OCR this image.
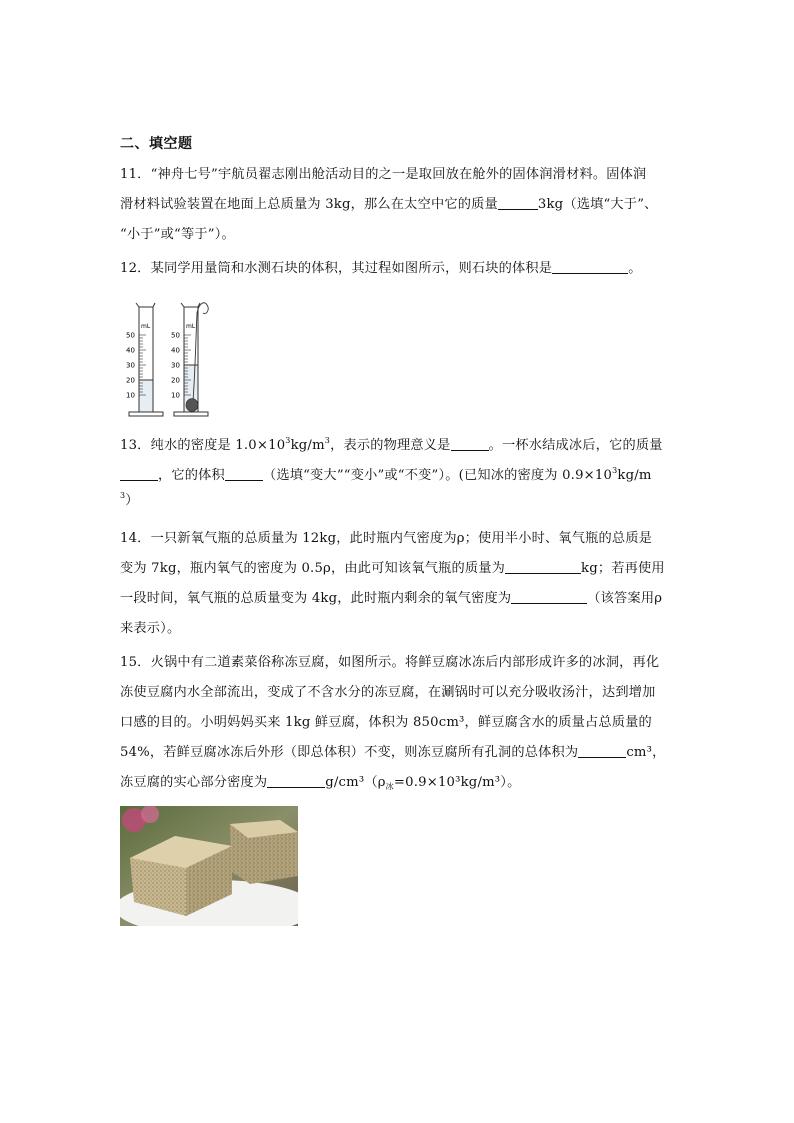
二、填空题
11．“神舟七号”宇航员翟志刚出舱活动目的之一是取回放在舱外的固体润滑材料。固体润
滑材料试验装置在地面上总质量为 3kg，那么在太空中它的质量	3kg（选填“大于”、
“小于”或“等于”）。
12．某同学用量筒和水测石块的体积，其过程如图所示，则石块的体积是	。
mL
50
40
30
20
10
mL
50
40
30
20
10
13．纯水的密度是 $1.0\times 10^3kg/m^3$，表示的物理意义是	。一杯水结成冰后，它的质量
，它的体积	（选填“变大”“变小”或“不变”）。(已知冰的密度为 $0.9\times 10^3kg/m$
$^3$）
14．一只新氧气瓶的总质量为 12kg，此时瓶内气密度为ρ；使用半小时、氧气瓶的总质是
变为 7kg，瓶内氧气的密度为 0.5ρ，由此可知该氧气瓶的质量为	kg；若再使用
一段时间，氧气瓶的总质量变为 4kg，此时瓶内剩余的氧气密度为	（该答案用ρ
来表示）。
15．火锅中有二道素菜俗称冻豆腐，如图所示。将鲜豆腐冰冻后内部形成许多的冰洞，再化
冻使豆腐内水全部流出，变成了不含水分的冻豆腐，在涮锅时可以充分吸收汤汁，达到增加
口感的目的。小明妈妈买来 1kg 鲜豆腐，体积为 850cm³，鲜豆腐含水的质量占总质量的
54%，若鲜豆腐冰冻后外形（即总体积）不变，则冻豆腐所有孔洞的总体积为	cm³，
冻豆腐的实心部分密度为	$g/cm^3(\rho_冰=0.9\times 10^3kg/m^3)$。
